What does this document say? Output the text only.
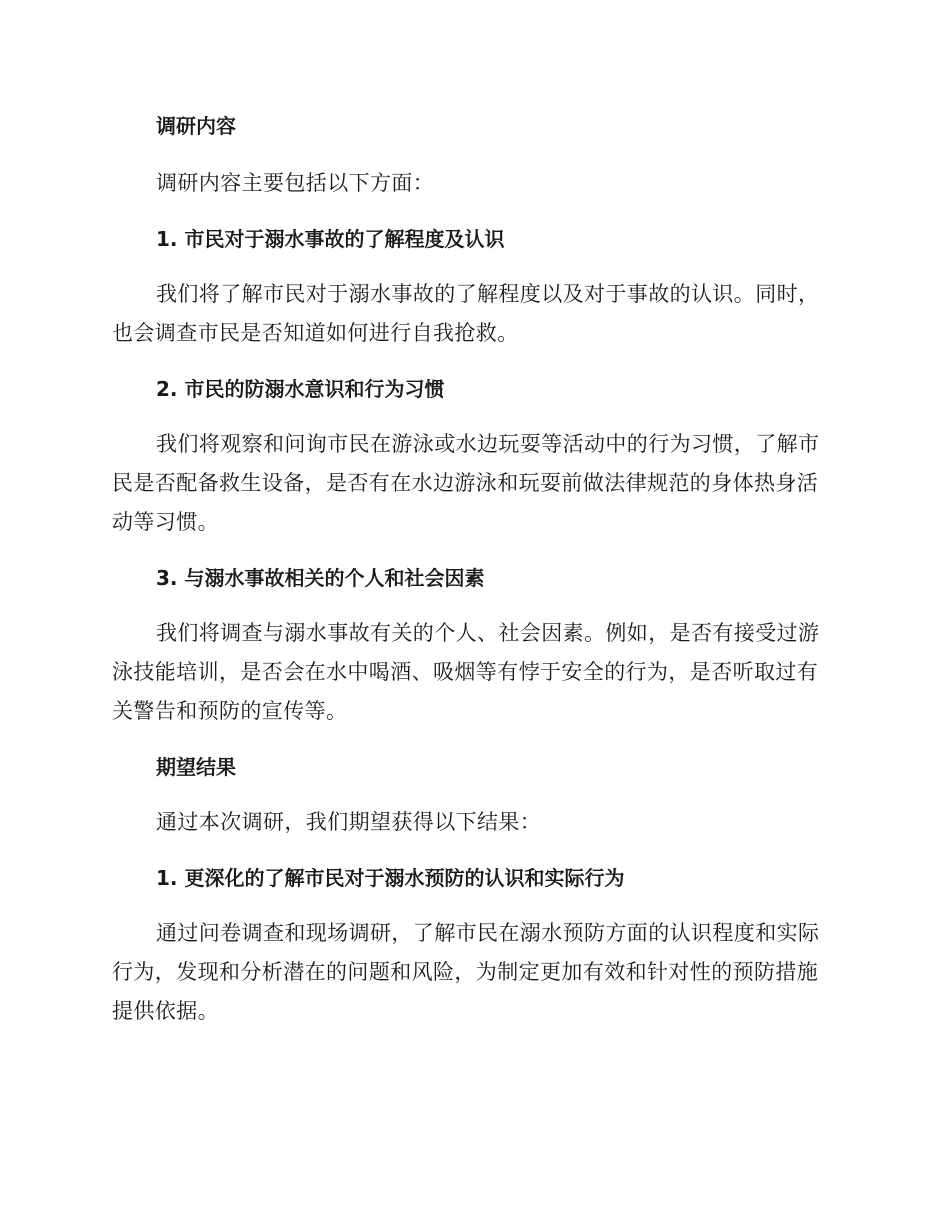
调研内容

调研内容主要包括以下方面：

1. 市民对于溺水事故的了解程度及认识

我们将了解市民对于溺水事故的了解程度以及对于事故的认识。同时，也会调查市民是否知道如何进行自我抢救。

2. 市民的防溺水意识和行为习惯

我们将观察和问询市民在游泳或水边玩耍等活动中的行为习惯，了解市民是否配备救生设备，是否有在水边游泳和玩耍前做法律规范的身体热身活动等习惯。

3. 与溺水事故相关的个人和社会因素

我们将调查与溺水事故有关的个人、社会因素。例如，是否有接受过游泳技能培训，是否会在水中喝酒、吸烟等有悖于安全的行为，是否听取过有关警告和预防的宣传等。

期望结果

通过本次调研，我们期望获得以下结果：

1. 更深化的了解市民对于溺水预防的认识和实际行为

通过问卷调查和现场调研，了解市民在溺水预防方面的认识程度和实际行为，发现和分析潜在的问题和风险，为制定更加有效和针对性的预防措施提供依据。
